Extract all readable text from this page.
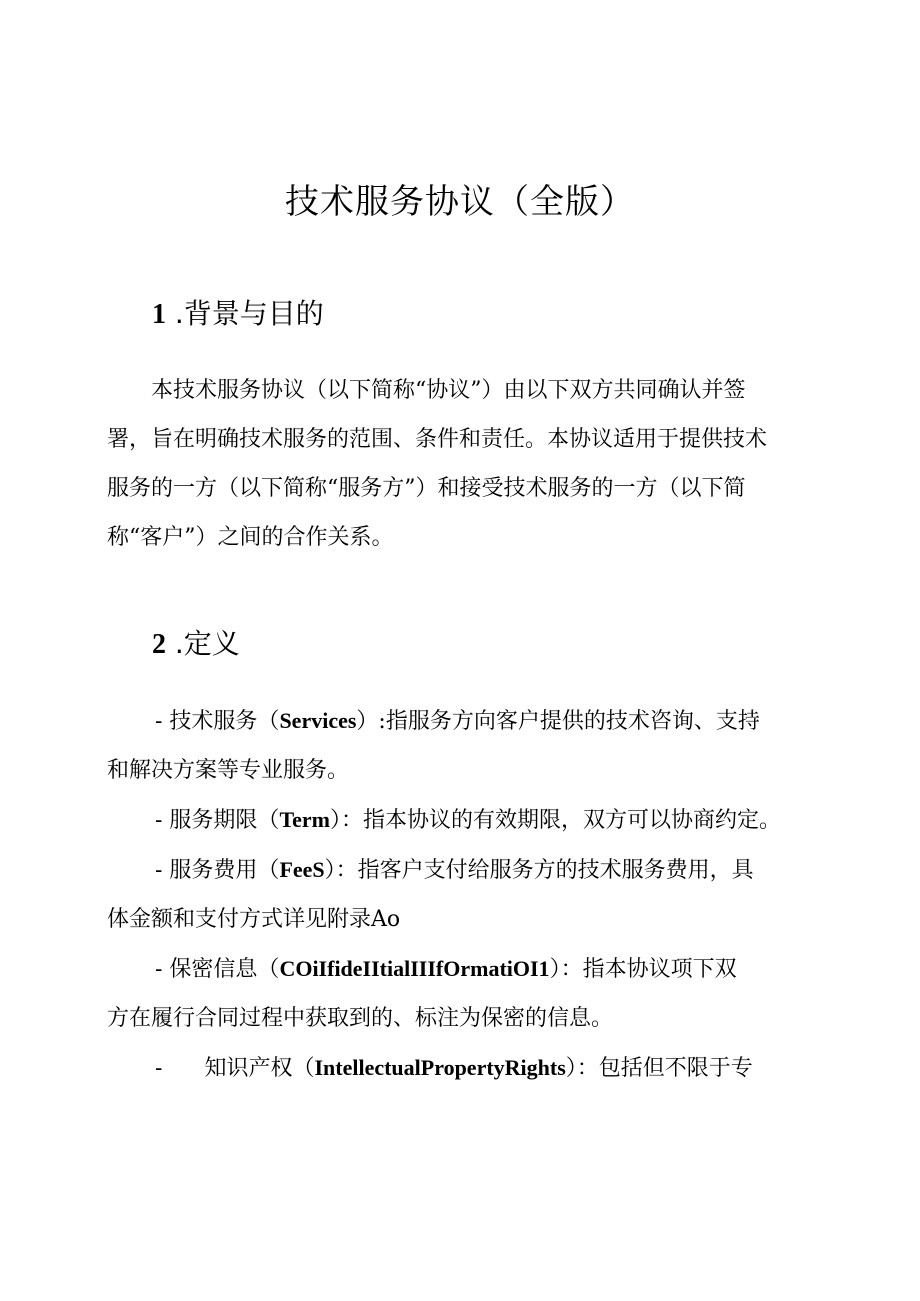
技术服务协议（全版）
1 .背景与目的
本技术服务协议（以下简称“协议”）由以下双方共同确认并签
署，旨在明确技术服务的范围、条件和责任。本协议适用于提供技术
服务的一方（以下简称“服务方”）和接受技术服务的一方（以下简
称“客户”）之间的合作关系。
2 .定义
- 技术服务（Services）:指服务方向客户提供的技术咨询、支持
和解决方案等专业服务。
- 服务期限（Term）：指本协议的有效期限，双方可以协商约定。
- 服务费用（FeeS）：指客户支付给服务方的技术服务费用，具
体金额和支付方式详见附录Ao
- 保密信息（COiIfideIItialIIIfOrmatiOI1）：指本协议项下双
方在履行合同过程中获取到的、标注为保密的信息。
- 知识产权（IntellectualPropertyRights）：包括但不限于专
